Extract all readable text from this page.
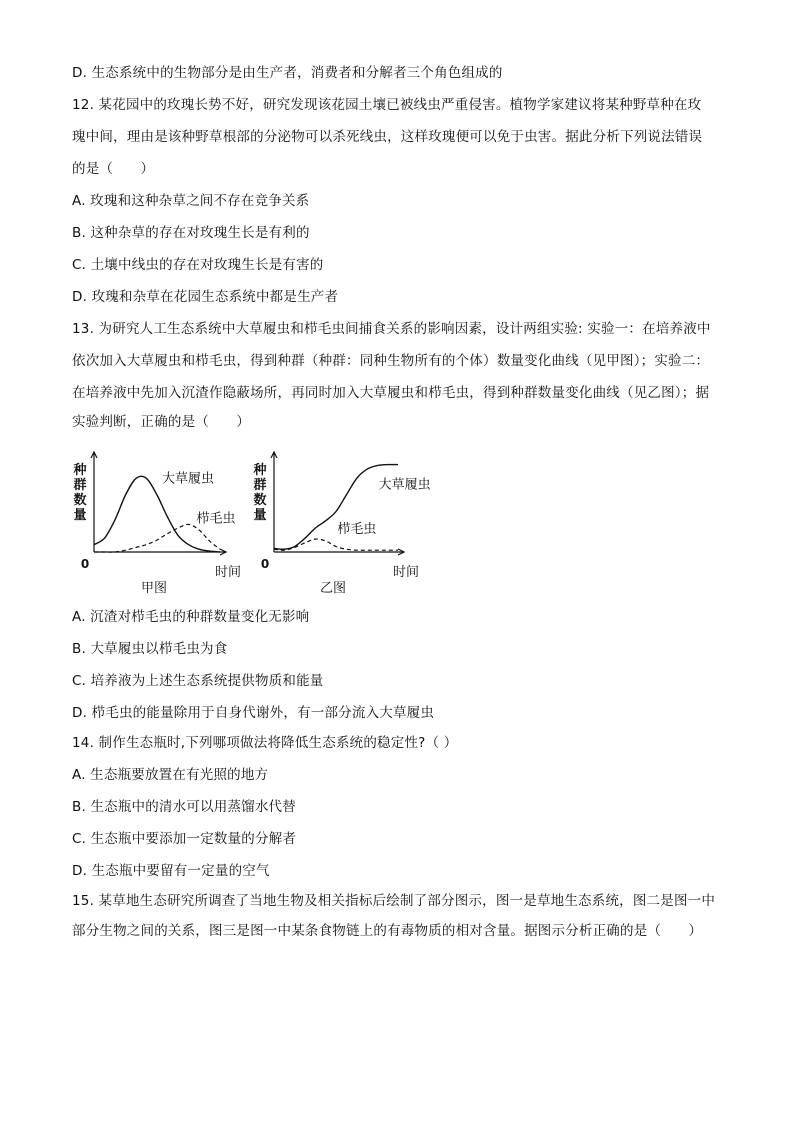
D. 生态系统中的生物部分是由生产者，消费者和分解者三个角色组成的
12. 某花园中的玫瑰长势不好，研究发现该花园土壤已被线虫严重侵害。植物学家建议将某种野草种在玫
瑰中间，理由是该种野草根部的分泌物可以杀死线虫，这样玫瑰便可以免于虫害。据此分析下列说法错误
的是（　　）
A. 玫瑰和这种杂草之间不存在竞争关系
B. 这种杂草的存在对玫瑰生长是有利的
C. 土壤中线虫的存在对玫瑰生长是有害的
D. 玫瑰和杂草在花园生态系统中都是生产者
13. 为研究人工生态系统中大草履虫和栉毛虫间捕食关系的影响因素，设计两组实验: 实验一：在培养液中
依次加入大草履虫和栉毛虫，得到种群（种群：同种生物所有的个体）数量变化曲线（见甲图）；实验二：
在培养液中先加入沉渣作隐蔽场所，再同时加入大草履虫和栉毛虫，得到种群数量变化曲线（见乙图）；据
实验判断，正确的是（　　）
种
群
数
量
0
时间
甲图
大草履虫
栉毛虫
种
群
数
量
0
时间
乙图
大草履虫
栉毛虫
A. 沉渣对栉毛虫的种群数量变化无影响
B. 大草履虫以栉毛虫为食
C. 培养液为上述生态系统提供物质和能量
D. 栉毛虫的能量除用于自身代谢外，有一部分流入大草履虫
14. 制作生态瓶时,下列哪项做法将降低生态系统的稳定性?（ ）
A. 生态瓶要放置在有光照的地方
B. 生态瓶中的清水可以用蒸馏水代替
C. 生态瓶中要添加一定数量的分解者
D. 生态瓶中要留有一定量的空气
15. 某草地生态研究所调查了当地生物及相关指标后绘制了部分图示，图一是草地生态系统，图二是图一中
部分生物之间的关系，图三是图一中某条食物链上的有毒物质的相对含量。据图示分析正确的是（　　）
